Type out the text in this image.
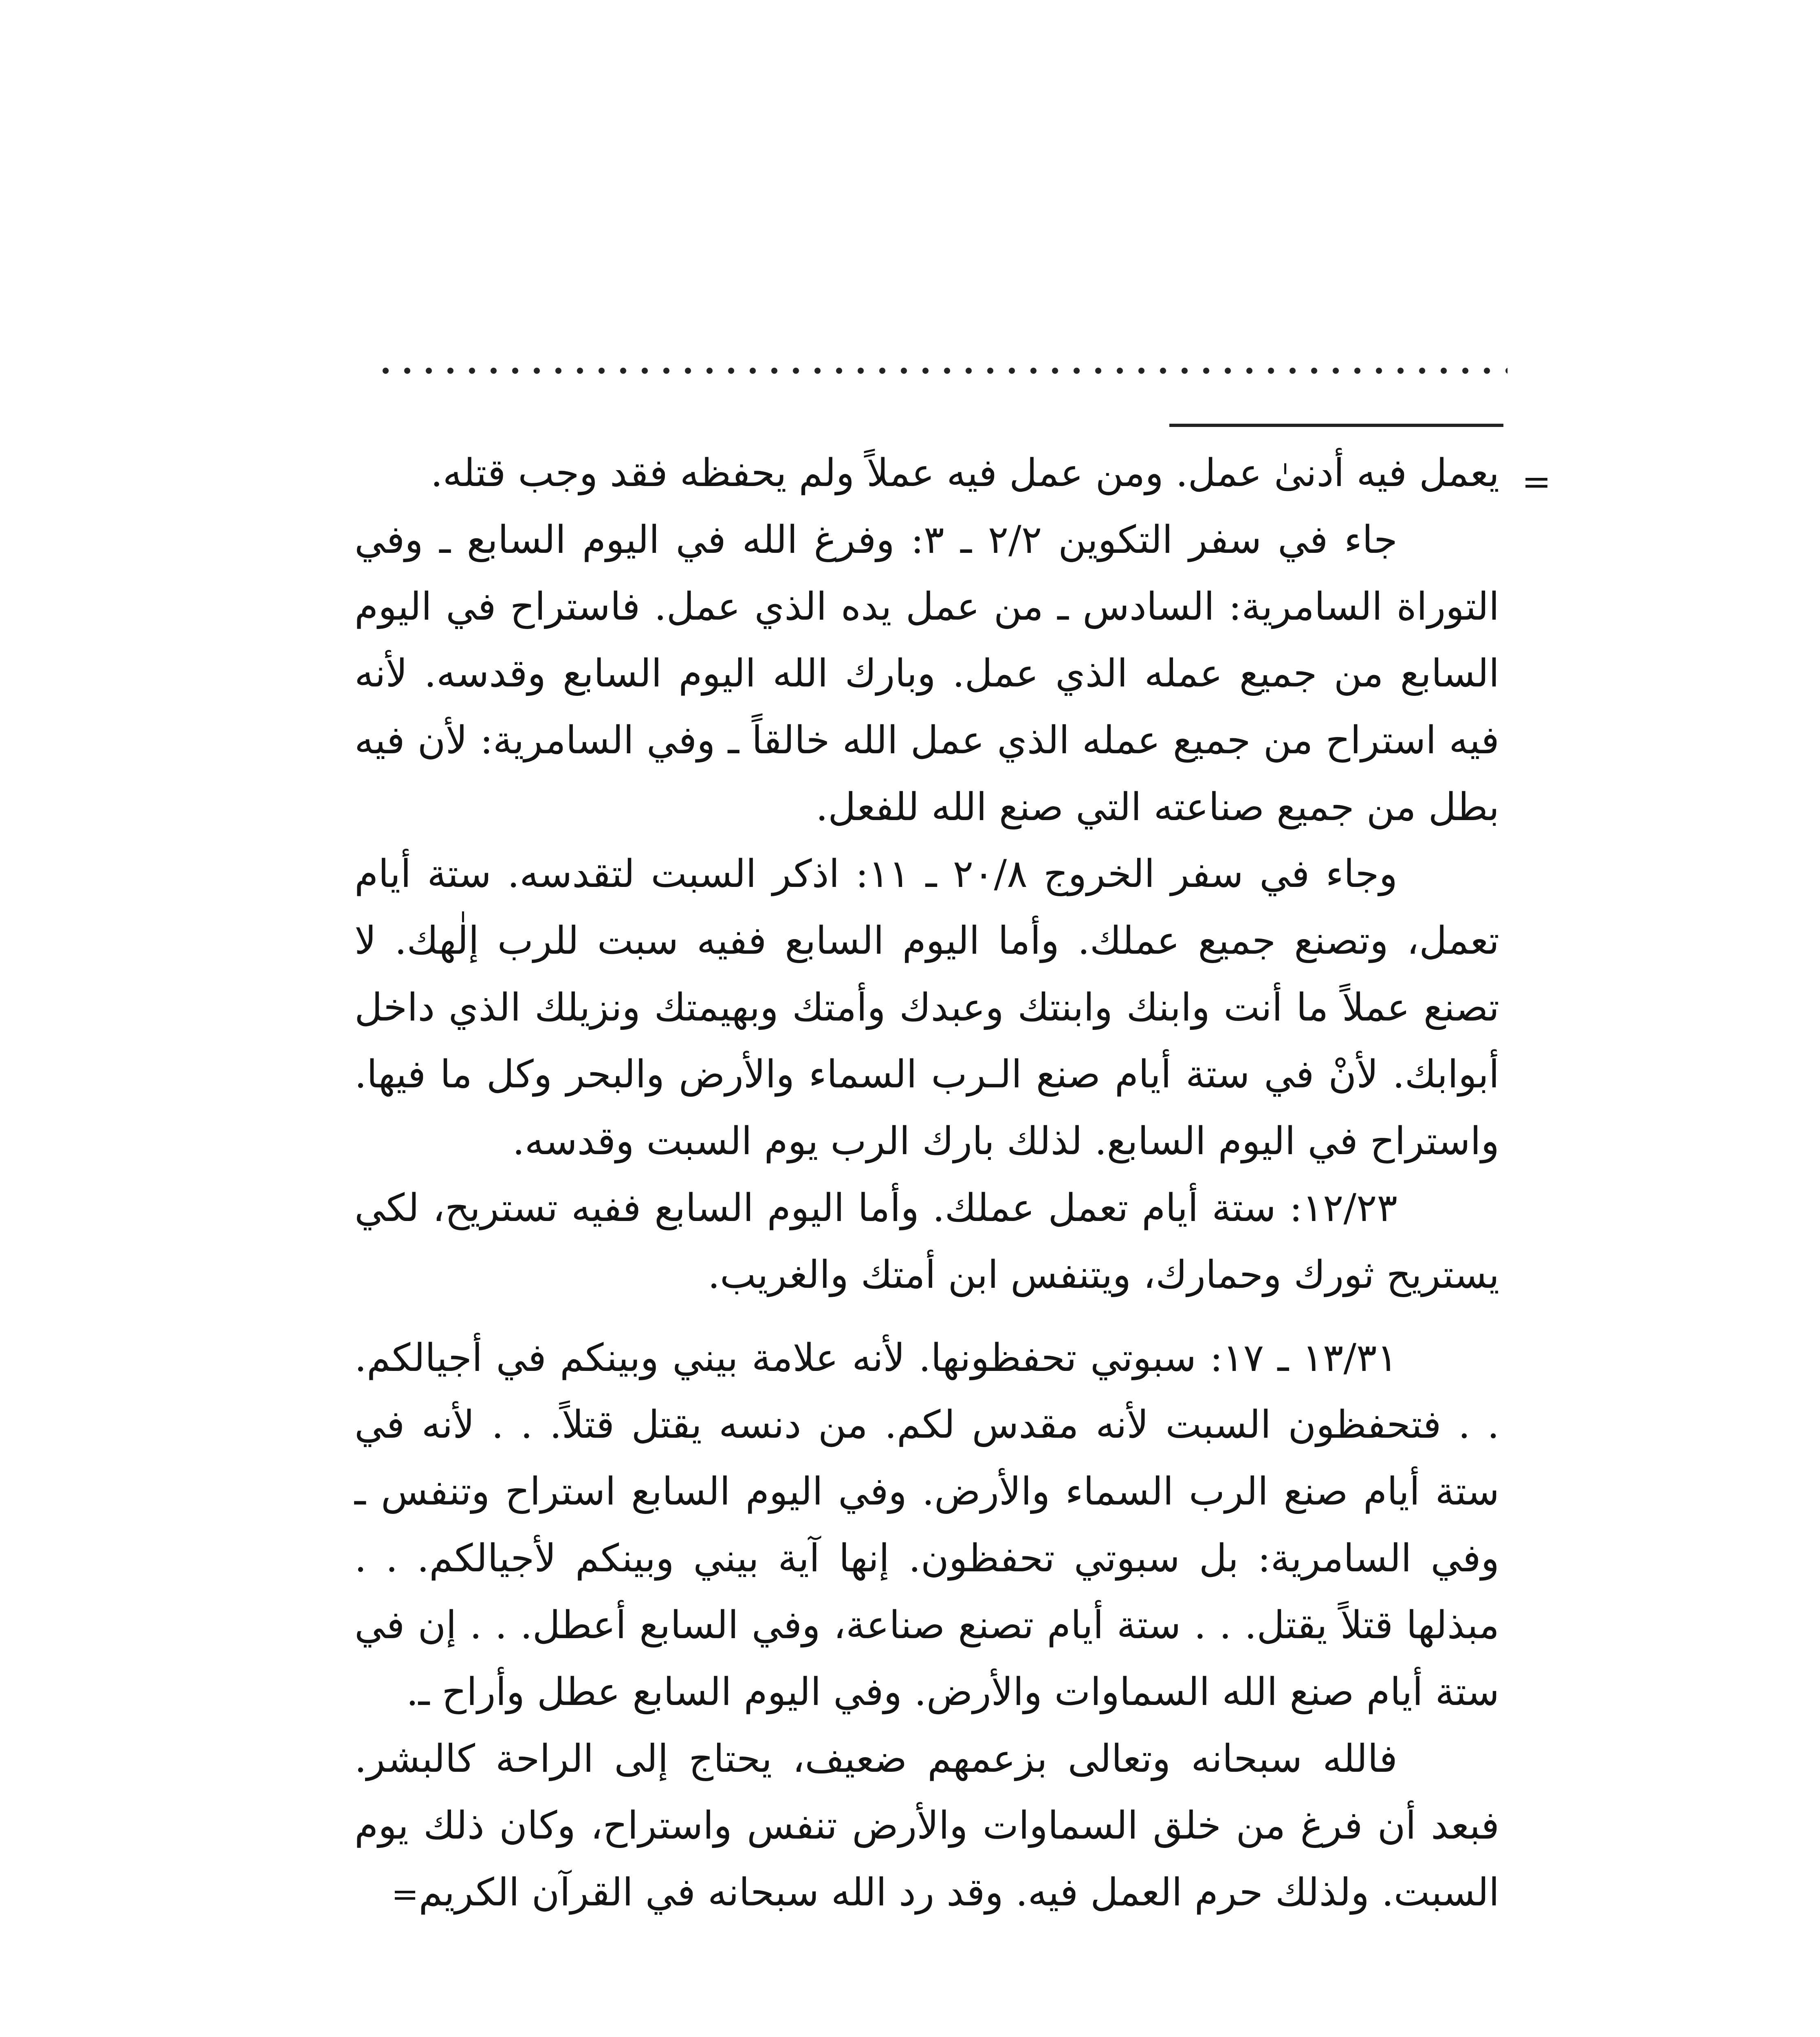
=

يعمل فيه أدنىٰ عمل. ومن عمل فيه عملاً ولم يحفظه فقد وجب قتله.

جاء في سفر التكوين ٢/٢ ـ ٣: وفرغ الله في اليوم السابع ـ وفي التوراة السامرية: السادس ـ من عمل يده الذي عمل. فاستراح في اليوم السابع من جميع عمله الذي عمل. وبارك الله اليوم السابع وقدسه. لأنه فيه استراح من جميع عمله الذي عمل الله خالقاً ـ وفي السامرية: لأن فيه بطل من جميع صناعته التي صنع الله للفعل.

وجاء في سفر الخروج ٢٠/٨ ـ ١١: اذكر السبت لتقدسه. ستة أيام تعمل، وتصنع جميع عملك. وأما اليوم السابع ففيه سبت للرب إلٰهك. لا تصنع عملاً ما أنت وابنك وابنتك وعبدك وأمتك وبهيمتك ونزيلك الذي داخل أبوابك. لأنْ في ستة أيام صنع الـرب السماء والأرض والبحر وكل ما فيها. واستراح في اليوم السابع. لذلك بارك الرب يوم السبت وقدسه.

١٢/٢٣: ستة أيام تعمل عملك. وأما اليوم السابع ففيه تستريح، لكي يستريح ثورك وحمارك، ويتنفس ابن أمتك والغريب.

١٣/٣١ ـ ١٧: سبوتي تحفظونها. لأنه علامة بيني وبينكم في أجيالكم. . . فتحفظون السبت لأنه مقدس لكم. من دنسه يقتل قتلاً. . . لأنه في ستة أيام صنع الرب السماء والأرض. وفي اليوم السابع استراح وتنفس ـ وفي السامرية: بل سبوتي تحفظون. إنها آية بيني وبينكم لأجيالكم. . . مبذلها قتلاً يقتل. . . ستة أيام تصنع صناعة، وفي السابع أعطل. . . إن في ستة أيام صنع الله السماوات والأرض. وفي اليوم السابع عطل وأراح ـ.

فالله سبحانه وتعالى بزعمهم ضعيف، يحتاج إلى الراحة كالبشر. فبعد أن فرغ من خلق السماوات والأرض تنفس واستراح، وكان ذلك يوم السبت. ولذلك حرم العمل فيه. وقد رد الله سبحانه في القرآن الكريم=
